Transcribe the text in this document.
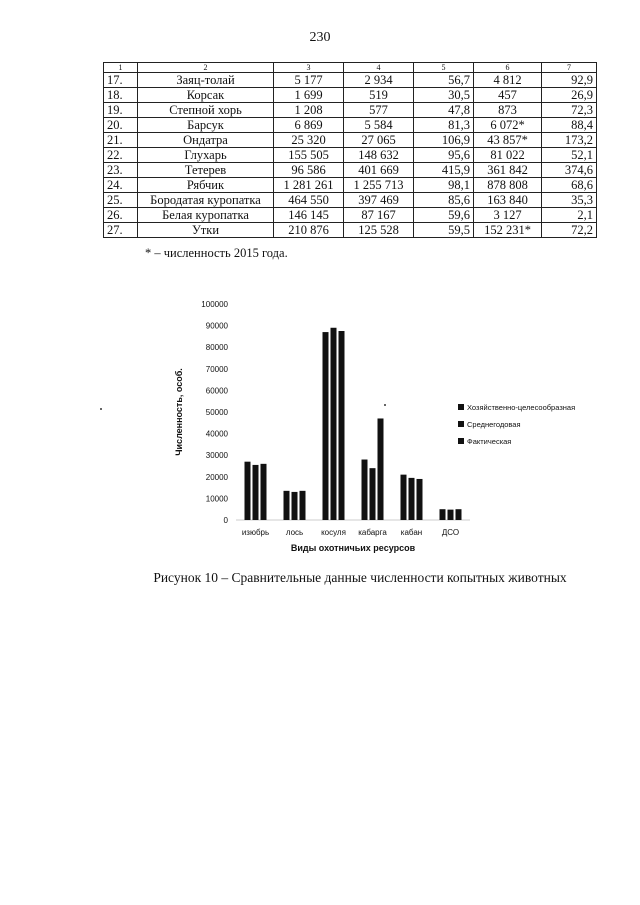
230
1	2	3	4	5	6	7
17.	Заяц-толай	5 177	2 934	56,7	4 812	92,9
18.	Корсак	1 699	519	30,5	457	26,9
19.	Степной хорь	1 208	577	47,8	873	72,3
20.	Барсук	6 869	5 584	81,3	6 072*	88,4
21.	Ондатра	25 320	27 065	106,9	43 857*	173,2
22.	Глухарь	155 505	148 632	95,6	81 022	52,1
23.	Тетерев	96 586	401 669	415,9	361 842	374,6
24.	Рябчик	1 281 261	1 255 713	98,1	878 808	68,6
25.	Бородатая куропатка	464 550	397 469	85,6	163 840	35,3
26.	Белая куропатка	146 145	87 167	59,6	3 127	2,1
27.	Утки	210 876	125 528	59,5	152 231*	72,2
* – численность 2015 года.
0
10000
20000
30000
40000
50000
60000
70000
80000
90000
100000
изюбрь лось косуля кабарга кабан ДСО
Виды охотничьих ресурсов
Численность, особ.	Хозяйственно-целесообразная
Среднегодовая
Фактическая
Рисунок 10 – Сравнительные данные численности копытных животных
